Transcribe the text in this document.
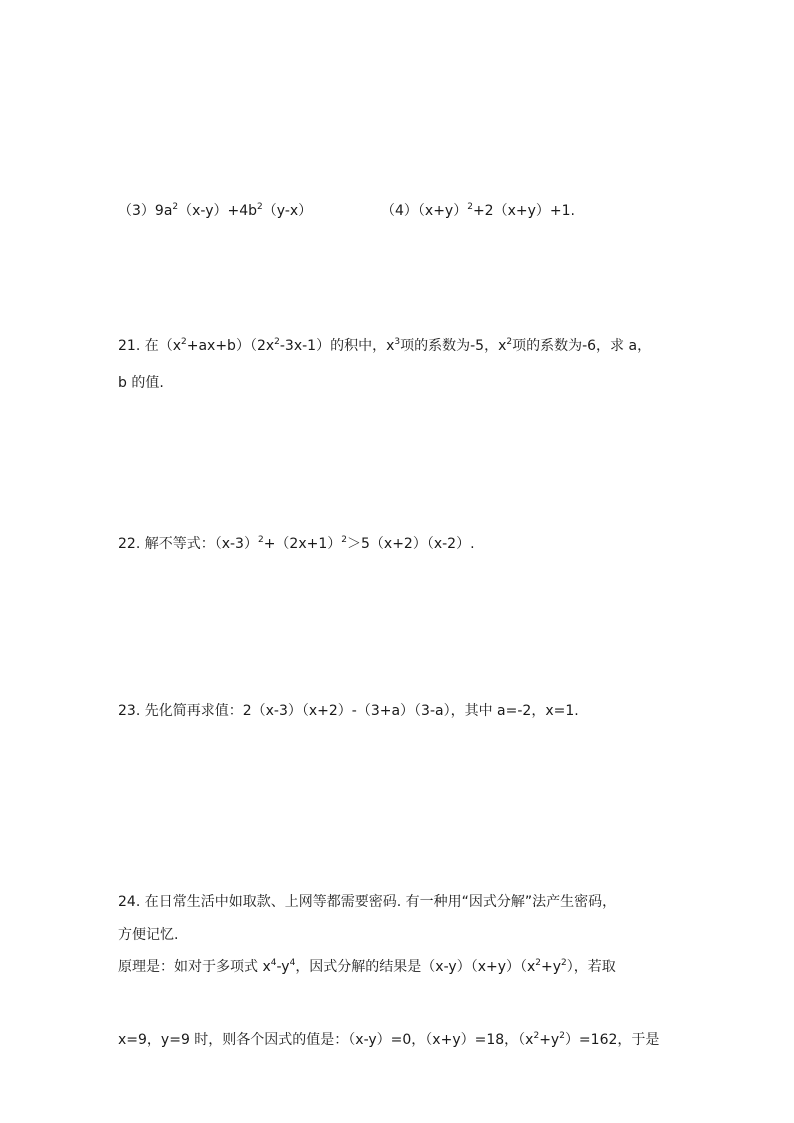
$(3)9a^2(x-y)+4b^2(y-x)$	$(4)(x+y)^2+2(x+y)+1$.
21. 在$(x^2+ax+b)(2x^2-3x-1)$的积中，$x^3$项的系数为-5，$x^2$项的系数为-6，求 a，
b 的值.
22. 解不等式：$(x-3)^2+(2x+1)^2>5(x+2)(x-2)$.
23. 先化简再求值：2（x-3）（x+2）-（3+a）（3-a），其中 a=-2，x=1.
24. 在日常生活中如取款、上网等都需要密码. 有一种用“因式分解”法产生密码，
方便记忆.
原理是：如对于多项式 $x^4-y^4$，因式分解的结果是$(x-y)(x+y)(x^2+y^2)$，若取
x=9，y=9 时，则各个因式的值是：（x-y）=0，（x+y）=18，$(x^2+y^2)=162$，于是
